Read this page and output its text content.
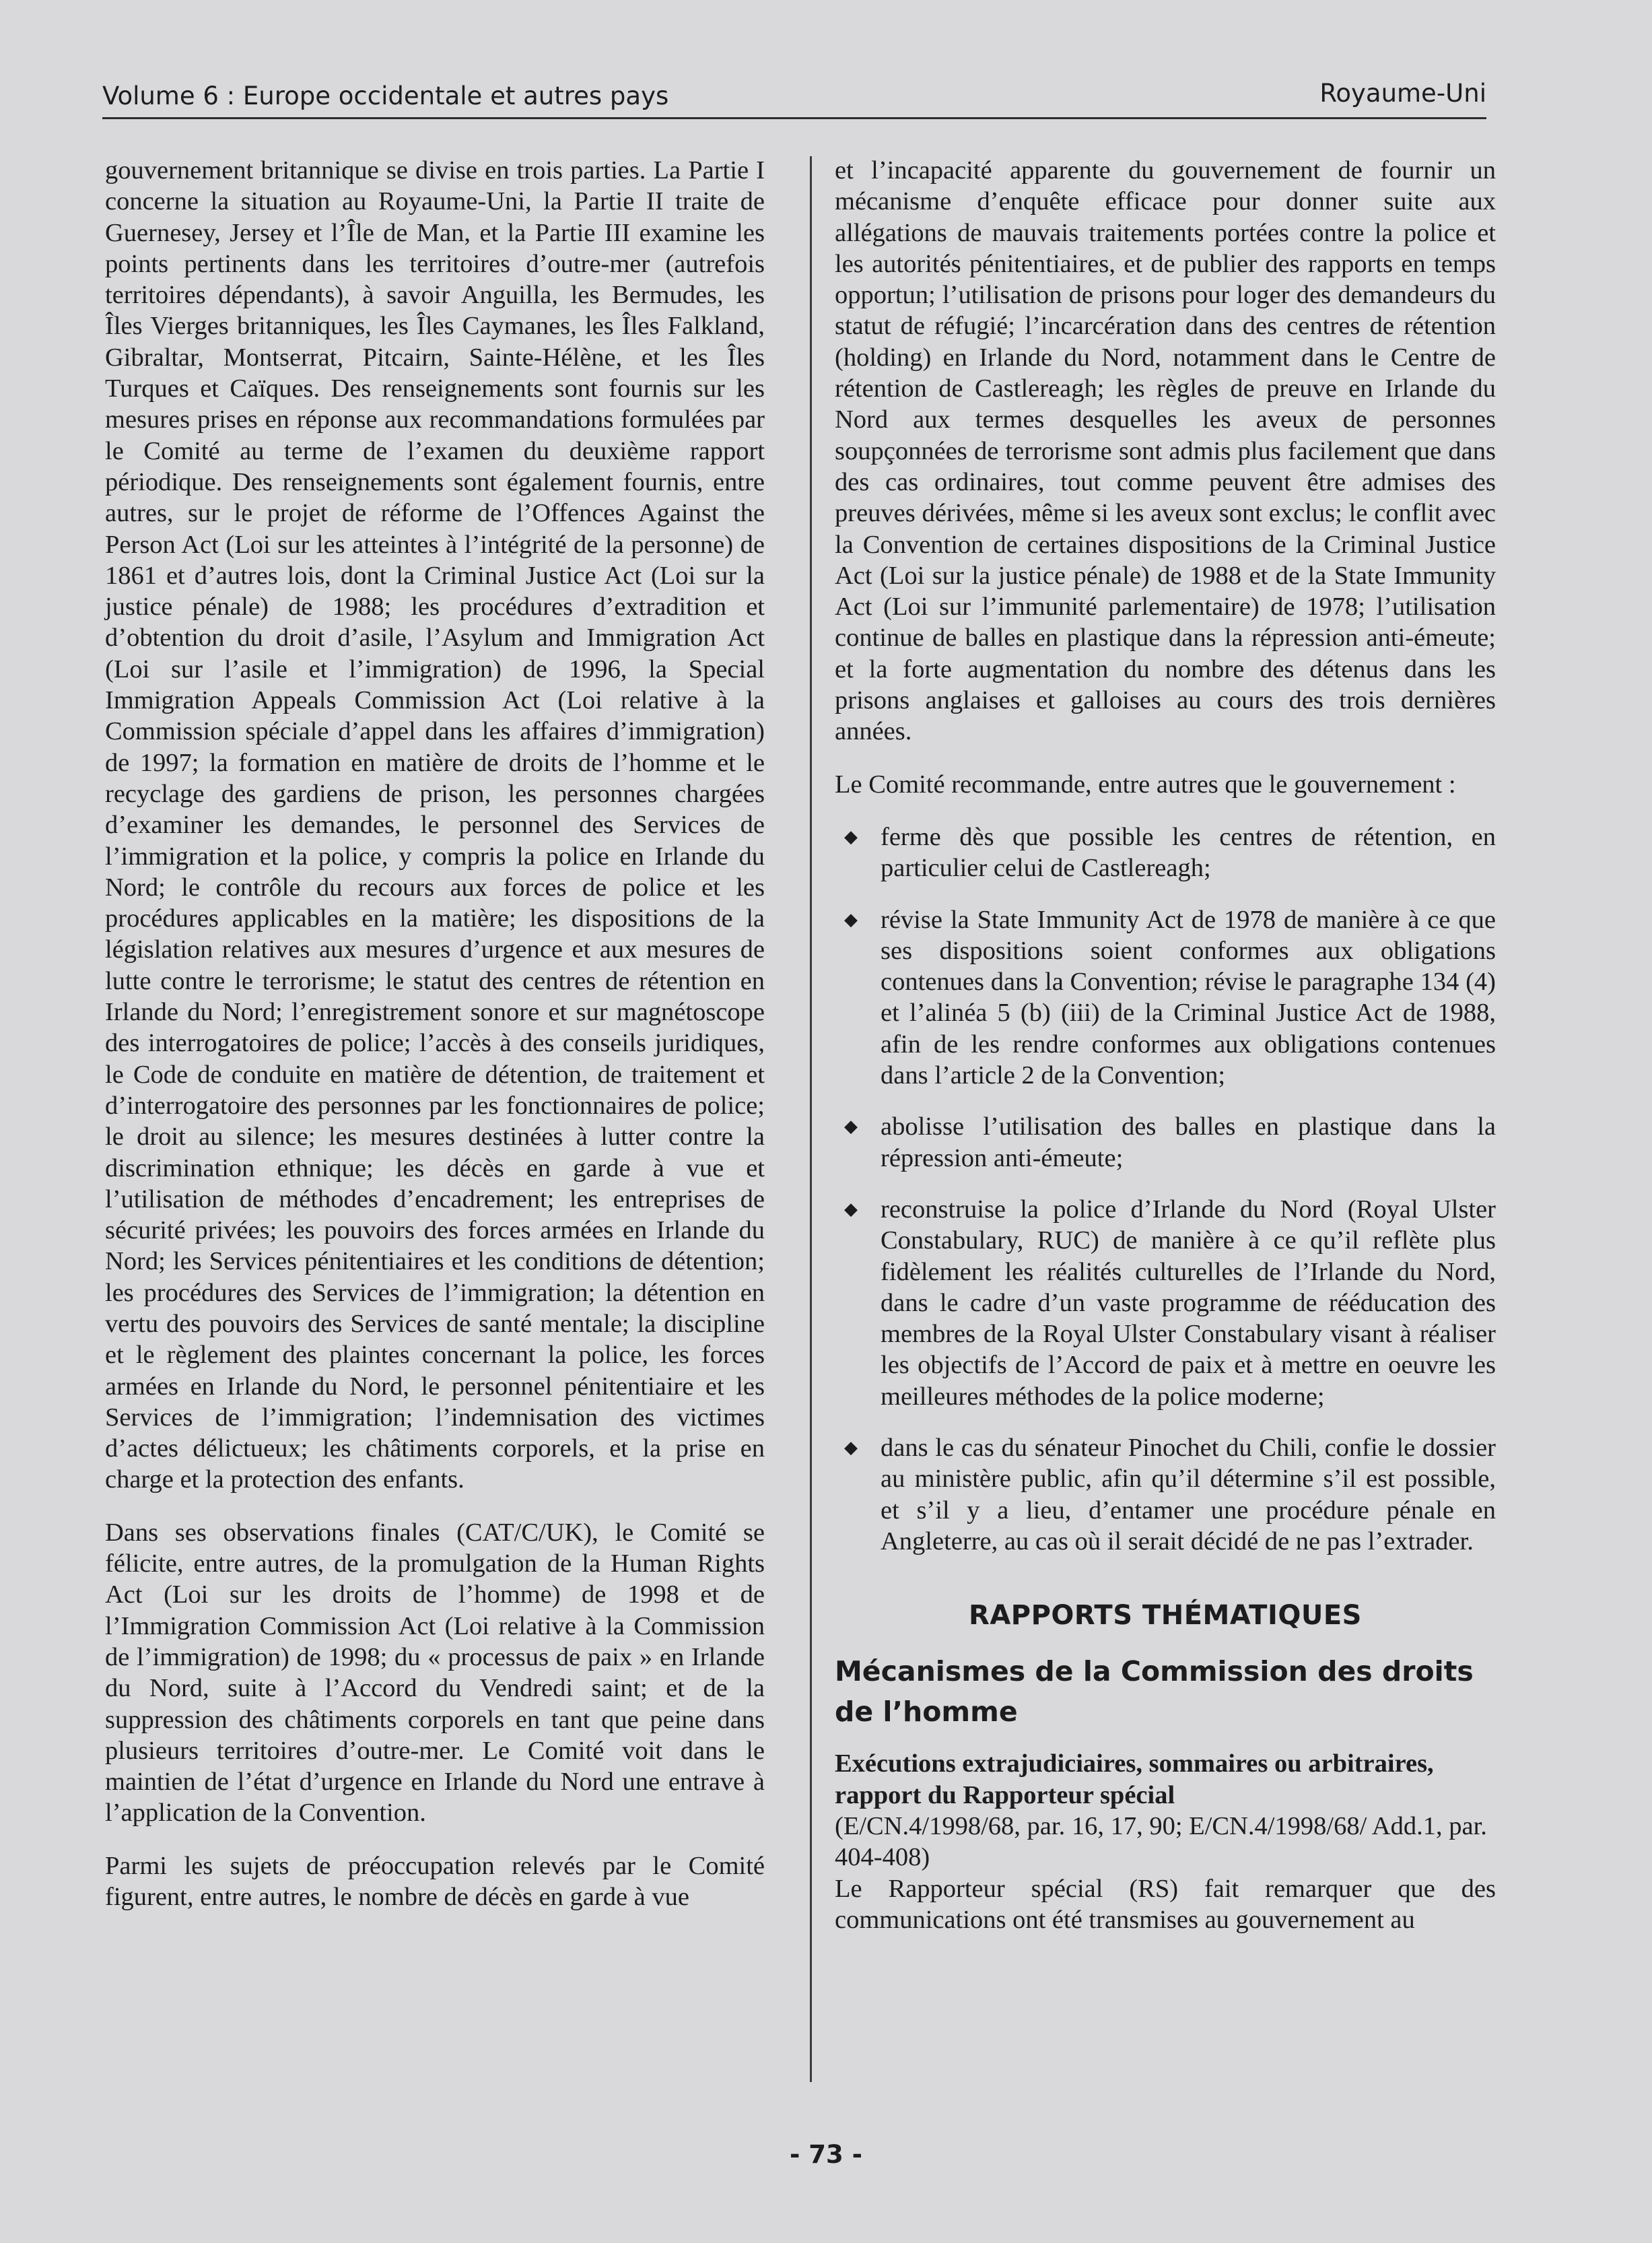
Volume 6 : Europe occidentale et autres pays	Royaume-Uni

gouvernement britannique se divise en trois parties. La Partie I concerne la situation au Royaume-Uni, la Partie II traite de Guernesey, Jersey et l’Île de Man, et la Partie III examine les points pertinents dans les territoires d’outre-mer (autrefois territoires dépendants), à savoir Anguilla, les Bermudes, les Îles Vierges britanniques, les Îles Caymanes, les Îles Falkland, Gibraltar, Montserrat, Pitcairn, Sainte-Hélène, et les Îles Turques et Caïques. Des renseignements sont fournis sur les mesures prises en réponse aux recommandations formulées par le Comité au terme de l’examen du deuxième rapport périodique. Des renseignements sont également fournis, entre autres, sur le projet de réforme de l’Offences Against the Person Act (Loi sur les atteintes à l’intégrité de la personne) de 1861 et d’autres lois, dont la Criminal Justice Act (Loi sur la justice pénale) de 1988; les procédures d’extradition et d’obtention du droit d’asile, l’Asylum and Immigration Act (Loi sur l’asile et l’immigration) de 1996, la Special Immigration Appeals Commission Act (Loi relative à la Commission spéciale d’appel dans les affaires d’immigration) de 1997; la formation en matière de droits de l’homme et le recyclage des gardiens de prison, les personnes chargées d’examiner les demandes, le personnel des Services de l’immigration et la police, y compris la police en Irlande du Nord; le contrôle du recours aux forces de police et les procédures applicables en la matière; les dispositions de la législation relatives aux mesures d’urgence et aux mesures de lutte contre le terrorisme; le statut des centres de rétention en Irlande du Nord; l’enregistrement sonore et sur magnétoscope des interrogatoires de police; l’accès à des conseils juridiques, le Code de conduite en matière de détention, de traitement et d’interrogatoire des personnes par les fonctionnaires de police; le droit au silence; les mesures destinées à lutter contre la discrimination ethnique; les décès en garde à vue et l’utilisation de méthodes d’encadrement; les entreprises de sécurité privées; les pouvoirs des forces armées en Irlande du Nord; les Services pénitentiaires et les conditions de détention; les procédures des Services de l’immigration; la détention en vertu des pouvoirs des Services de santé mentale; la discipline et le règlement des plaintes concernant la police, les forces armées en Irlande du Nord, le personnel pénitentiaire et les Services de l’immigration; l’indemnisation des victimes d’actes délictueux; les châtiments corporels, et la prise en charge et la protection des enfants.

Dans ses observations finales (CAT/C/UK), le Comité se félicite, entre autres, de la promulgation de la Human Rights Act (Loi sur les droits de l’homme) de 1998 et de l’Immigration Commission Act (Loi relative à la Commission de l’immigration) de 1998; du « processus de paix » en Irlande du Nord, suite à l’Accord du Vendredi saint; et de la suppression des châtiments corporels en tant que peine dans plusieurs territoires d’outre-mer. Le Comité voit dans le maintien de l’état d’urgence en Irlande du Nord une entrave à l’application de la Convention.

Parmi les sujets de préoccupation relevés par le Comité figurent, entre autres, le nombre de décès en garde à vue

et l’incapacité apparente du gouvernement de fournir un mécanisme d’enquête efficace pour donner suite aux allégations de mauvais traitements portées contre la police et les autorités pénitentiaires, et de publier des rapports en temps opportun; l’utilisation de prisons pour loger des demandeurs du statut de réfugié; l’incarcération dans des centres de rétention (holding) en Irlande du Nord, notamment dans le Centre de rétention de Castlereagh; les règles de preuve en Irlande du Nord aux termes desquelles les aveux de personnes soupçonnées de terrorisme sont admis plus facilement que dans des cas ordinaires, tout comme peuvent être admises des preuves dérivées, même si les aveux sont exclus; le conflit avec la Convention de certaines dispositions de la Criminal Justice Act (Loi sur la justice pénale) de 1988 et de la State Immunity Act (Loi sur l’immunité parlementaire) de 1978; l’utilisation continue de balles en plastique dans la répression anti-émeute; et la forte augmentation du nombre des détenus dans les prisons anglaises et galloises au cours des trois dernières années.

Le Comité recommande, entre autres que le gouvernement :

◆ ferme dès que possible les centres de rétention, en particulier celui de Castlereagh;
◆ révise la State Immunity Act de 1978 de manière à ce que ses dispositions soient conformes aux obligations contenues dans la Convention; révise le paragraphe 134 (4) et l’alinéa 5 (b) (iii) de la Criminal Justice Act de 1988, afin de les rendre conformes aux obligations contenues dans l’article 2 de la Convention;
◆ abolisse l’utilisation des balles en plastique dans la répression anti-émeute;
◆ reconstruise la police d’Irlande du Nord (Royal Ulster Constabulary, RUC) de manière à ce qu’il reflète plus fidèlement les réalités culturelles de l’Irlande du Nord, dans le cadre d’un vaste programme de rééducation des membres de la Royal Ulster Constabulary visant à réaliser les objectifs de l’Accord de paix et à mettre en oeuvre les meilleures méthodes de la police moderne;
◆ dans le cas du sénateur Pinochet du Chili, confie le dossier au ministère public, afin qu’il détermine s’il est possible, et s’il y a lieu, d’entamer une procédure pénale en Angleterre, au cas où il serait décidé de ne pas l’extrader.
RAPPORTS THÉMATIQUES
Mécanismes de la Commission des droits de l’homme
Exécutions extrajudiciaires, sommaires ou arbitraires, rapport du Rapporteur spécial
(E/CN.4/1998/68, par. 16, 17, 90; E/CN.4/1998/68/ Add.1, par. 404-408)

Le Rapporteur spécial (RS) fait remarquer que des communications ont été transmises au gouvernement au

- 73 -
